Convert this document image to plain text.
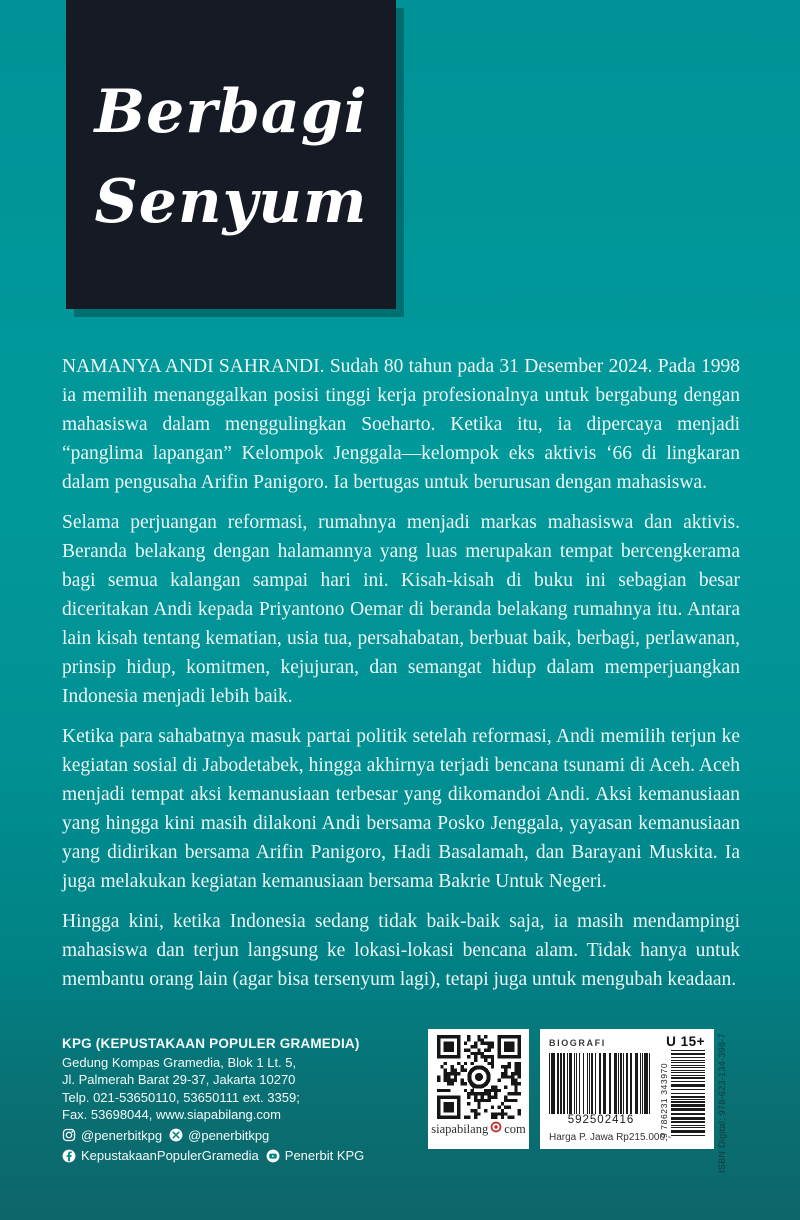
Berbagi
Senyum

NAMANYA ANDI SAHRANDI. Sudah 80 tahun pada 31 Desember 2024. Pada 1998 ia memilih menanggalkan posisi tinggi kerja profesionalnya untuk bergabung dengan mahasiswa dalam menggulingkan Soeharto. Ketika itu, ia dipercaya menjadi “panglima lapangan” Kelompok Jenggala—kelompok eks aktivis ‘66 di lingkaran dalam pengusaha Arifin Panigoro. Ia bertugas untuk berurusan dengan mahasiswa.

Selama perjuangan reformasi, rumahnya menjadi markas mahasiswa dan aktivis. Beranda belakang dengan halamannya yang luas merupakan tempat bercengkerama bagi semua kalangan sampai hari ini. Kisah-kisah di buku ini sebagian besar diceritakan Andi kepada Priyantono Oemar di beranda belakang rumahnya itu. Antara lain kisah tentang kematian, usia tua, persahabatan, berbuat baik, berbagi, perlawanan, prinsip hidup, komitmen, kejujuran, dan semangat hidup dalam memperjuangkan Indonesia menjadi lebih baik.

Ketika para sahabatnya masuk partai politik setelah reformasi, Andi memilih terjun ke kegiatan sosial di Jabodetabek, hingga akhirnya terjadi bencana tsunami di Aceh. Aceh menjadi tempat aksi kemanusiaan terbesar yang dikomandoi Andi. Aksi kemanusiaan yang hingga kini masih dilakoni Andi bersama Posko Jenggala, yayasan kemanusiaan yang didirikan bersama Arifin Panigoro, Hadi Basalamah, dan Barayani Muskita. Ia juga melakukan kegiatan kemanusiaan bersama Bakrie Untuk Negeri.

Hingga kini, ketika Indonesia sedang tidak baik-baik saja, ia masih mendampingi mahasiswa dan terjun langsung ke lokasi-lokasi bencana alam. Tidak hanya untuk membantu orang lain (agar bisa tersenyum lagi), tetapi juga untuk mengubah keadaan.

KPG (KEPUSTAKAAN POPULER GRAMEDIA)
Gedung Kompas Gramedia, Blok 1 Lt. 5,
Jl. Palmerah Barat 29-37, Jakarta 10270
Telp. 021-53650110, 53650111 ext. 3359;
Fax. 53698044, www.siapabilang.com
@penerbitkpg @penerbitkpg
KepustakaanPopulerGramedia Penerbit KPG
siapabilang com
BIOGRAFI	U 15+
592502416	9 786231 343970
Harga P. Jawa Rp215.000,-	ISBN Digital: 978-623-134-398-7
